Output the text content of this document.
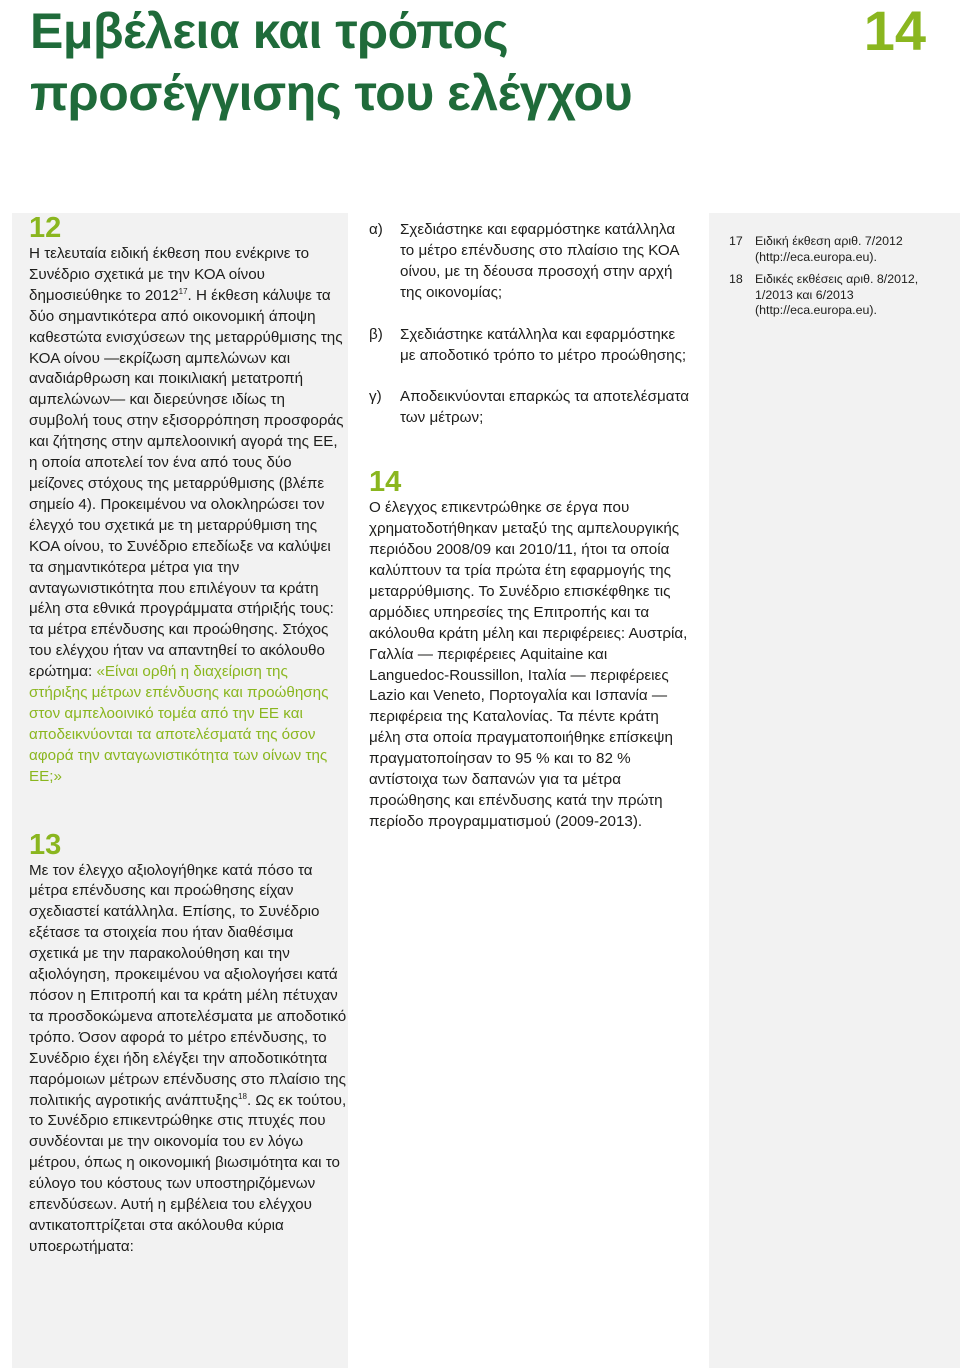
Εμβέλεια και τρόπος
προσέγγισης του ελέγχου
14
12

Η τελευταία ειδική έκθεση που ενέκρινε το Συνέδριο σχετικά με την ΚΟΑ οίνου δημοσιεύθηκε το 2012$^{17}$. Η έκθεση κάλυψε τα δύο σημαντικότερα από οικονομική άποψη καθεστώτα ενισχύσεων της μεταρρύθμισης της ΚΟΑ οίνου —εκρίζωση αμπελώνων και αναδιάρθρωση και ποικιλιακή μετατροπή αμπελώνων— και διερεύνησε ιδίως τη συμβολή τους στην εξισορρόπηση προσφοράς και ζήτησης στην αμπελοοινική αγορά της ΕΕ, η οποία αποτελεί τον ένα από τους δύο μείζονες στόχους της μεταρρύθμισης (βλέπε σημείο 4). Προκειμένου να ολοκληρώσει τον έλεγχό του σχετικά με τη μεταρρύθμιση της ΚΟΑ οίνου, το Συνέδριο επεδίωξε να καλύψει τα σημαντικότερα μέτρα για την ανταγωνιστικότητα που επιλέγουν τα κράτη μέλη στα εθνικά προγράμματα στήριξής τους: τα μέτρα επένδυσης και προώθησης. Στόχος του ελέγχου ήταν να απαντηθεί το ακόλουθο ερώτημα: «Είναι ορθή η διαχείριση της στήριξης μέτρων επένδυσης και προώθησης στον αμπελοοινικό τομέα από την ΕΕ και αποδεικνύονται τα αποτελέσματά της όσον αφορά την ανταγωνιστικότητα των οίνων της ΕΕ;»

13

Με τον έλεγχο αξιολογήθηκε κατά πόσο τα μέτρα επένδυσης και προώθησης είχαν σχεδιαστεί κατάλληλα. Επίσης, το Συνέδριο εξέτασε τα στοιχεία που ήταν διαθέσιμα σχετικά με την παρακολούθηση και την αξιολόγηση, προκειμένου να αξιολογήσει κατά πόσον η Επιτροπή και τα κράτη μέλη πέτυχαν τα προσδοκώμενα αποτελέσματα με αποδοτικό τρόπο. Όσον αφορά το μέτρο επένδυσης, το Συνέδριο έχει ήδη ελέγξει την αποδοτικότητα παρόμοιων μέτρων επένδυσης στο πλαίσιο της πολιτικής αγροτικής ανάπτυξης$^{18}$. Ως εκ τούτου, το Συνέδριο επικεντρώθηκε στις πτυχές που συνδέονται με την οικονομία του εν λόγω μέτρου, όπως η οικονομική βιωσιμότητα και το εύλογο του κόστους των υποστηριζόμενων επενδύσεων. Αυτή η εμβέλεια του ελέγχου αντικατοπτρίζεται στα ακόλουθα κύρια υποερωτήματα:

α)	Σχεδιάστηκε και εφαρμόστηκε κατάλληλα το μέτρο επένδυσης στο πλαίσιο της ΚΟΑ οίνου, με τη δέουσα προσοχή στην αρχή της οικονομίας;
β)	Σχεδιάστηκε κατάλληλα και εφαρμόστηκε με αποδοτικό τρόπο το μέτρο προώθησης;
γ)	Αποδεικνύονται επαρκώς τα αποτελέσματα των μέτρων;
14

Ο έλεγχος επικεντρώθηκε σε έργα που χρηματοδοτήθηκαν μεταξύ της αμπελουργικής περιόδου 2008/09 και 2010/11, ήτοι τα οποία καλύπτουν τα τρία πρώτα έτη εφαρμογής της μεταρρύθμισης. Το Συνέδριο επισκέφθηκε τις αρμόδιες υπηρεσίες της Επιτροπής και τα ακόλουθα κράτη μέλη και περιφέρειες: Αυστρία, Γαλλία — περιφέρειες Aquitaine και Languedoc-Roussillon, Ιταλία — περιφέρειες Lazio και Veneto, Πορτογαλία και Ισπανία — περιφέρεια της Καταλονίας. Τα πέντε κράτη μέλη στα οποία πραγματοποιήθηκε επίσκεψη πραγματοποίησαν το 95 % και το 82 % αντίστοιχα των δαπανών για τα μέτρα προώθησης και επένδυσης κατά την πρώτη περίοδο προγραμματισμού (2009-2013).

17 Ειδική έκθεση αριθ. 7/2012 (http://eca.europa.eu).
18 Ειδικές εκθέσεις αριθ. 8/2012, 1/2013 και 6/2013 (http://eca.europa.eu).
